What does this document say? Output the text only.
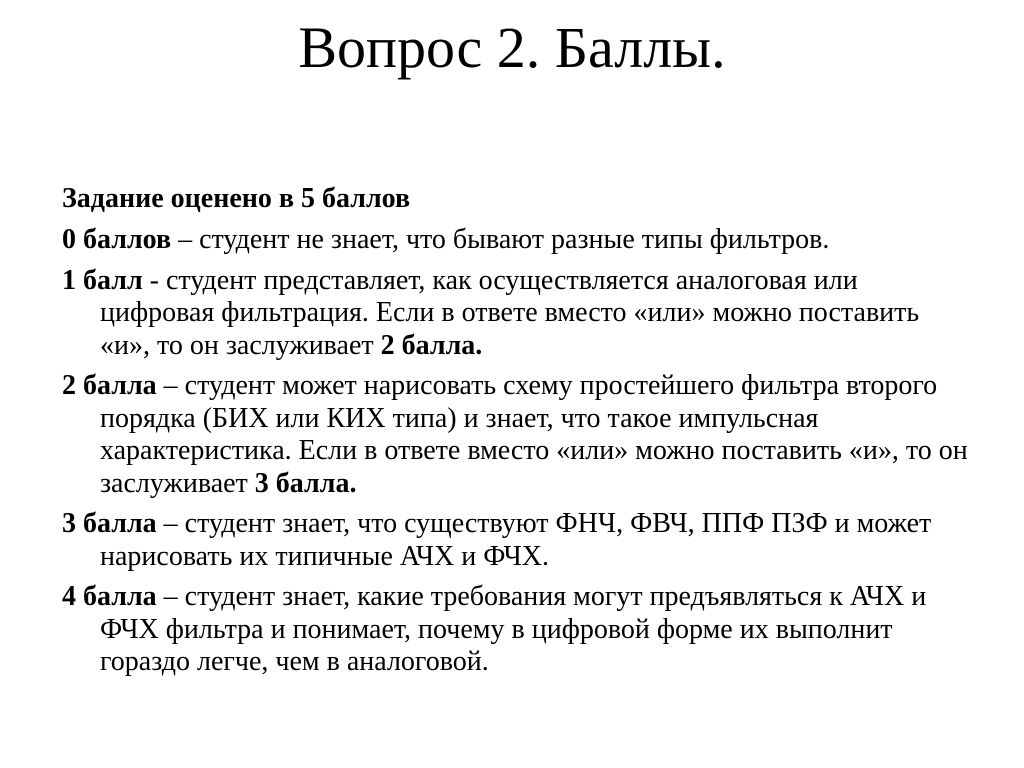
Вопрос 2. Баллы.

Задание оценено в 5 баллов

0 баллов – студент не знает, что бывают разные типы фильтров.

1 балл - студент представляет, как осуществляется аналоговая или цифровая фильтрация. Если в ответе вместо «или» можно поставить «и», то он заслуживает 2 балла.

2 балла – студент может нарисовать схему простейшего фильтра второго порядка (БИХ или КИХ типа) и знает, что такое импульсная характеристика. Если в ответе вместо «или» можно поставить «и», то он заслуживает 3 балла.

3 балла – студент знает, что существуют ФНЧ, ФВЧ, ППФ ПЗФ и может нарисовать их типичные АЧХ и ФЧХ.

4 балла – студент знает, какие требования могут предъявляться к АЧХ и ФЧХ фильтра и понимает, почему в цифровой форме их выполнит гораздо легче, чем в аналоговой.
